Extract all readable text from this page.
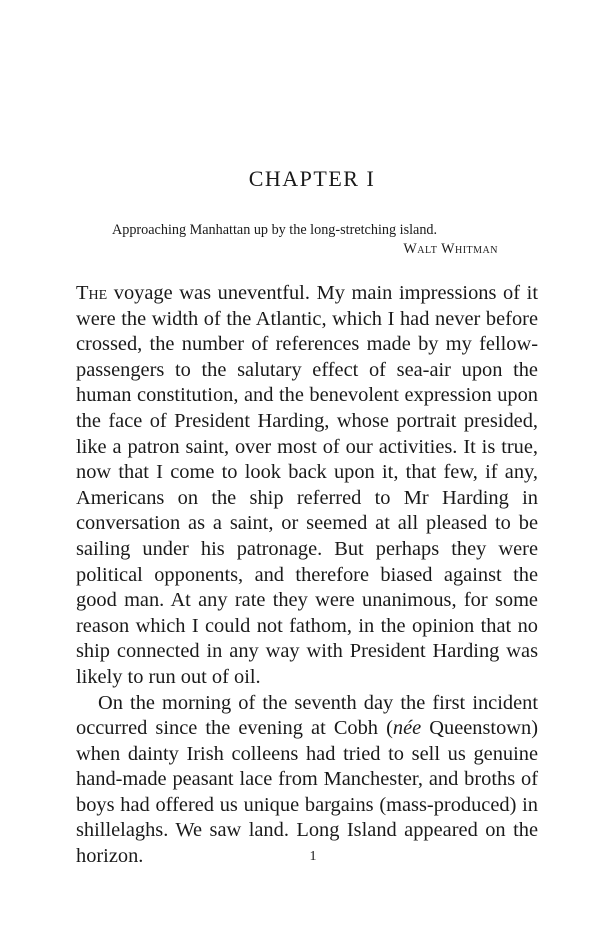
CHAPTER I
Approaching Manhattan up by the long-stretching island.
Walt Whitman

The voyage was uneventful. My main impressions of it were the width of the Atlantic, which I had never before crossed, the number of references made by my fellow-passengers to the salutary effect of sea-air upon the human constitution, and the benevolent expression upon the face of President Harding, whose portrait presided, like a patron saint, over most of our activities. It is true, now that I come to look back upon it, that few, if any, Americans on the ship referred to Mr Harding in conversation as a saint, or seemed at all pleased to be sailing under his patronage. But perhaps they were political opponents, and therefore biased against the good man. At any rate they were unanimous, for some reason which I could not fathom, in the opinion that no ship connected in any way with President Harding was likely to run out of oil.

On the morning of the seventh day the first incident occurred since the evening at Cobh (née Queenstown) when dainty Irish colleens had tried to sell us genuine hand-made peasant lace from Manchester, and broths of boys had offered us unique bargains (mass-produced) in shillelaghs. We saw land. Long Island appeared on the horizon.	1
